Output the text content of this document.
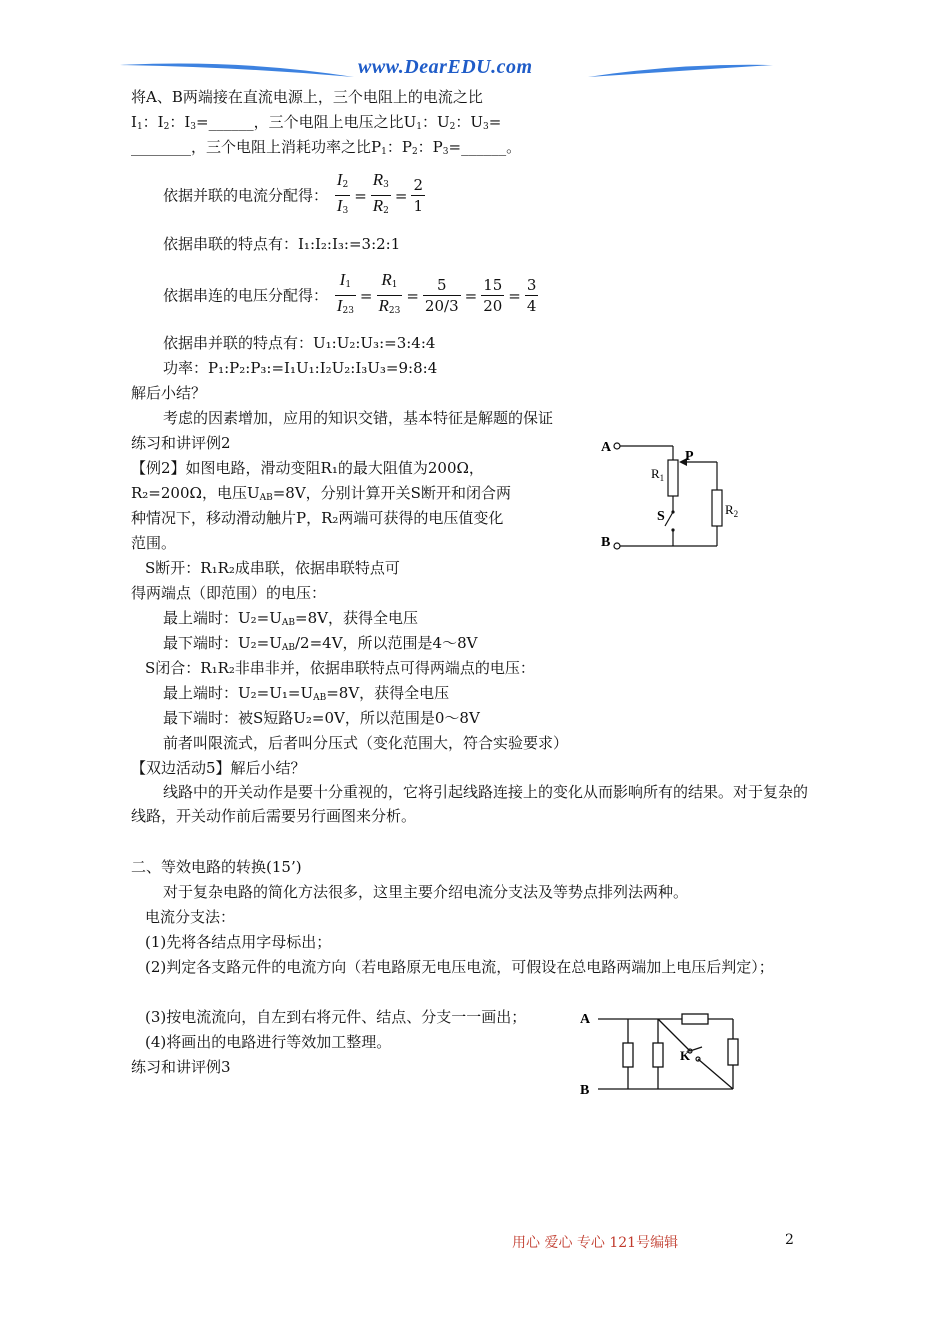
www.DearEDU.com
将A、B两端接在直流电源上，三个电阻上的电流之比
$I_1$：$I_2$：$I_3=\_\_\_\_\_\_$，三个电阻上电压之比$U_1$：$U_2$：$U_3=$
________，三个电阻上消耗功率之比$P_1$：$P_2$：$P_3=\_\_\_\_\_\_$。
依据并联的电流分配得： $\frac{I_2}{I_3} = \frac{R_3}{R_2} = \frac{2}{1}$
依据串联的特点有：I₁:I₂:I₃:=3:2:1
依据串连的电压分配得： $\frac{I_1}{I_{23}} = \frac{R_1}{R_{23}} = \frac{5}{20/3} = \frac{15}{20} = \frac{3}{4}$
依据串并联的特点有：U₁:U₂:U₃:=3:4:4
功率：P₁:P₂:P₃:=I₁U₁:I₂U₂:I₃U₃=9:8:4
解后小结？
考虑的因素增加，应用的知识交错，基本特征是解题的保证
练习和讲评例2
【例2】如图电路，滑动变阻R₁的最大阻值为200Ω，
R₂=200Ω，电压$U_{AB}=8V$，分别计算开关S断开和闭合两
种情况下，移动滑动触片P，R₂两端可获得的电压值变化
范围。
S断开：R₁R₂成串联，依据串联特点可
得两端点（即范围）的电压：
最上端时：$U_2=U_{AB}=8V$，获得全电压
最下端时：$U_2=U_{AB}/2=4V$，所以范围是4～8V
S闭合：R₁R₂非串非并，依据串联特点可得两端点的电压：
最上端时：$U_2=U_1=U_{AB}=8V$，获得全电压
最下端时：被S短路U₂=0V，所以范围是0～8V
前者叫限流式，后者叫分压式（变化范围大，符合实验要求）
A
B
P
$R_1$
$R_2$
S
【双边活动5】解后小结？
线路中的开关动作是要十分重视的，它将引起线路连接上的变化从而影响所有的结果。对于复杂的线路，开关动作前后需要另行画图来分析。
二、等效电路的转换(15’)
对于复杂电路的简化方法很多，这里主要介绍电流分支法及等势点排列法两种。
电流分支法：
(1)先将各结点用字母标出；
(2)判定各支路元件的电流方向（若电路原无电压电流，可假设在总电路两端加上电压后判定）；
(3)按电流流向，自左到右将元件、结点、分支一一画出；
(4)将画出的电路进行等效加工整理。
练习和讲评例3
A
B
K
用心 爱心 专心 121号编辑	2
